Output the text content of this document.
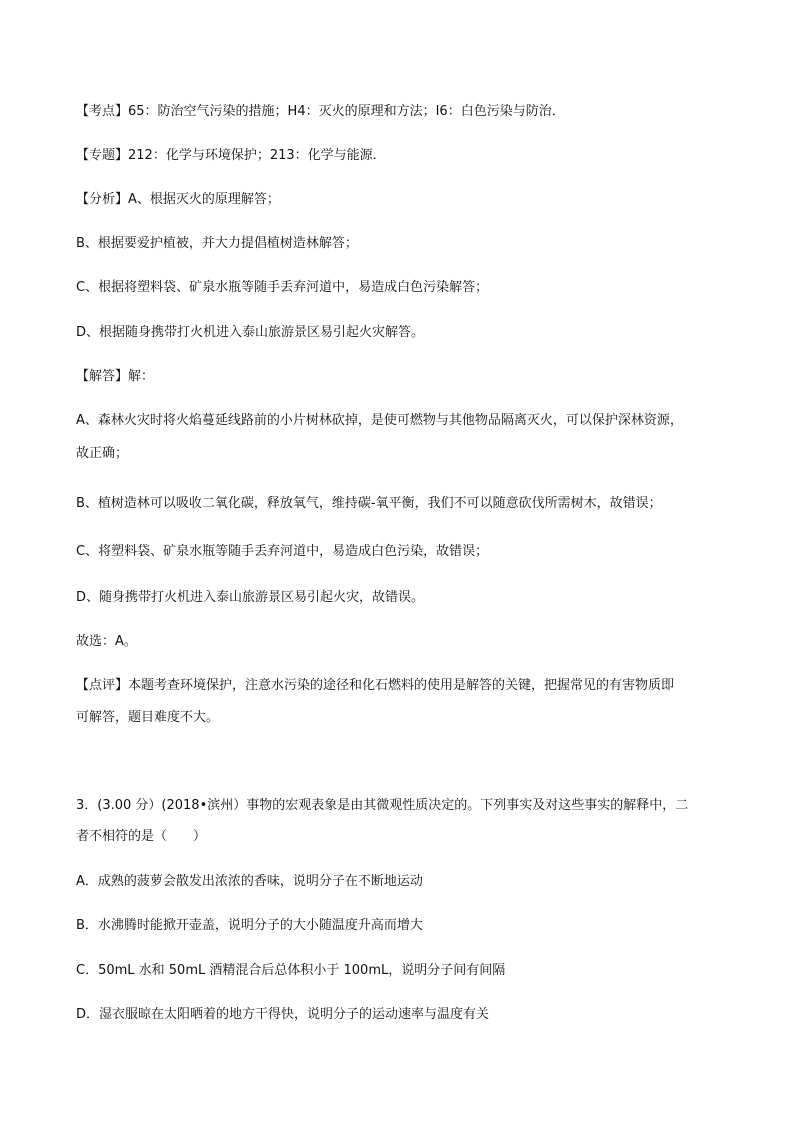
【考点】65：防治空气污染的措施；H4：灭火的原理和方法；I6：白色污染与防治．

【专题】212：化学与环境保护；213：化学与能源．

【分析】A、根据灭火的原理解答；

B、根据要爱护植被，并大力提倡植树造林解答；

C、根据将塑料袋、矿泉水瓶等随手丢弃河道中，易造成白色污染解答；

D、根据随身携带打火机进入泰山旅游景区易引起火灾解答。

【解答】解：

A、森林火灾时将火焰蔓延线路前的小片树林砍掉，是使可燃物与其他物品隔离灭火，可以保护深林资源，

故正确；

B、植树造林可以吸收二氧化碳，释放氧气，维持碳-氧平衡，我们不可以随意砍伐所需树木，故错误；

C、将塑料袋、矿泉水瓶等随手丢弃河道中，易造成白色污染，故错误；

D、随身携带打火机进入泰山旅游景区易引起火灾，故错误。

故选：A。

【点评】本题考查环境保护，注意水污染的途径和化石燃料的使用是解答的关键，把握常见的有害物质即

可解答，题目难度不大。

3．(3.00 分）(2018•滨州）事物的宏观表象是由其微观性质决定的。下列事实及对这些事实的解释中，二

者不相符的是（　　）

A．成熟的菠萝会散发出浓浓的香味，说明分子在不断地运动

B．水沸腾时能掀开壶盖，说明分子的大小随温度升高而增大

C．50mL 水和 50mL 酒精混合后总体积小于 100mL，说明分子间有间隔

D．湿衣服晾在太阳晒着的地方干得快，说明分子的运动速率与温度有关
